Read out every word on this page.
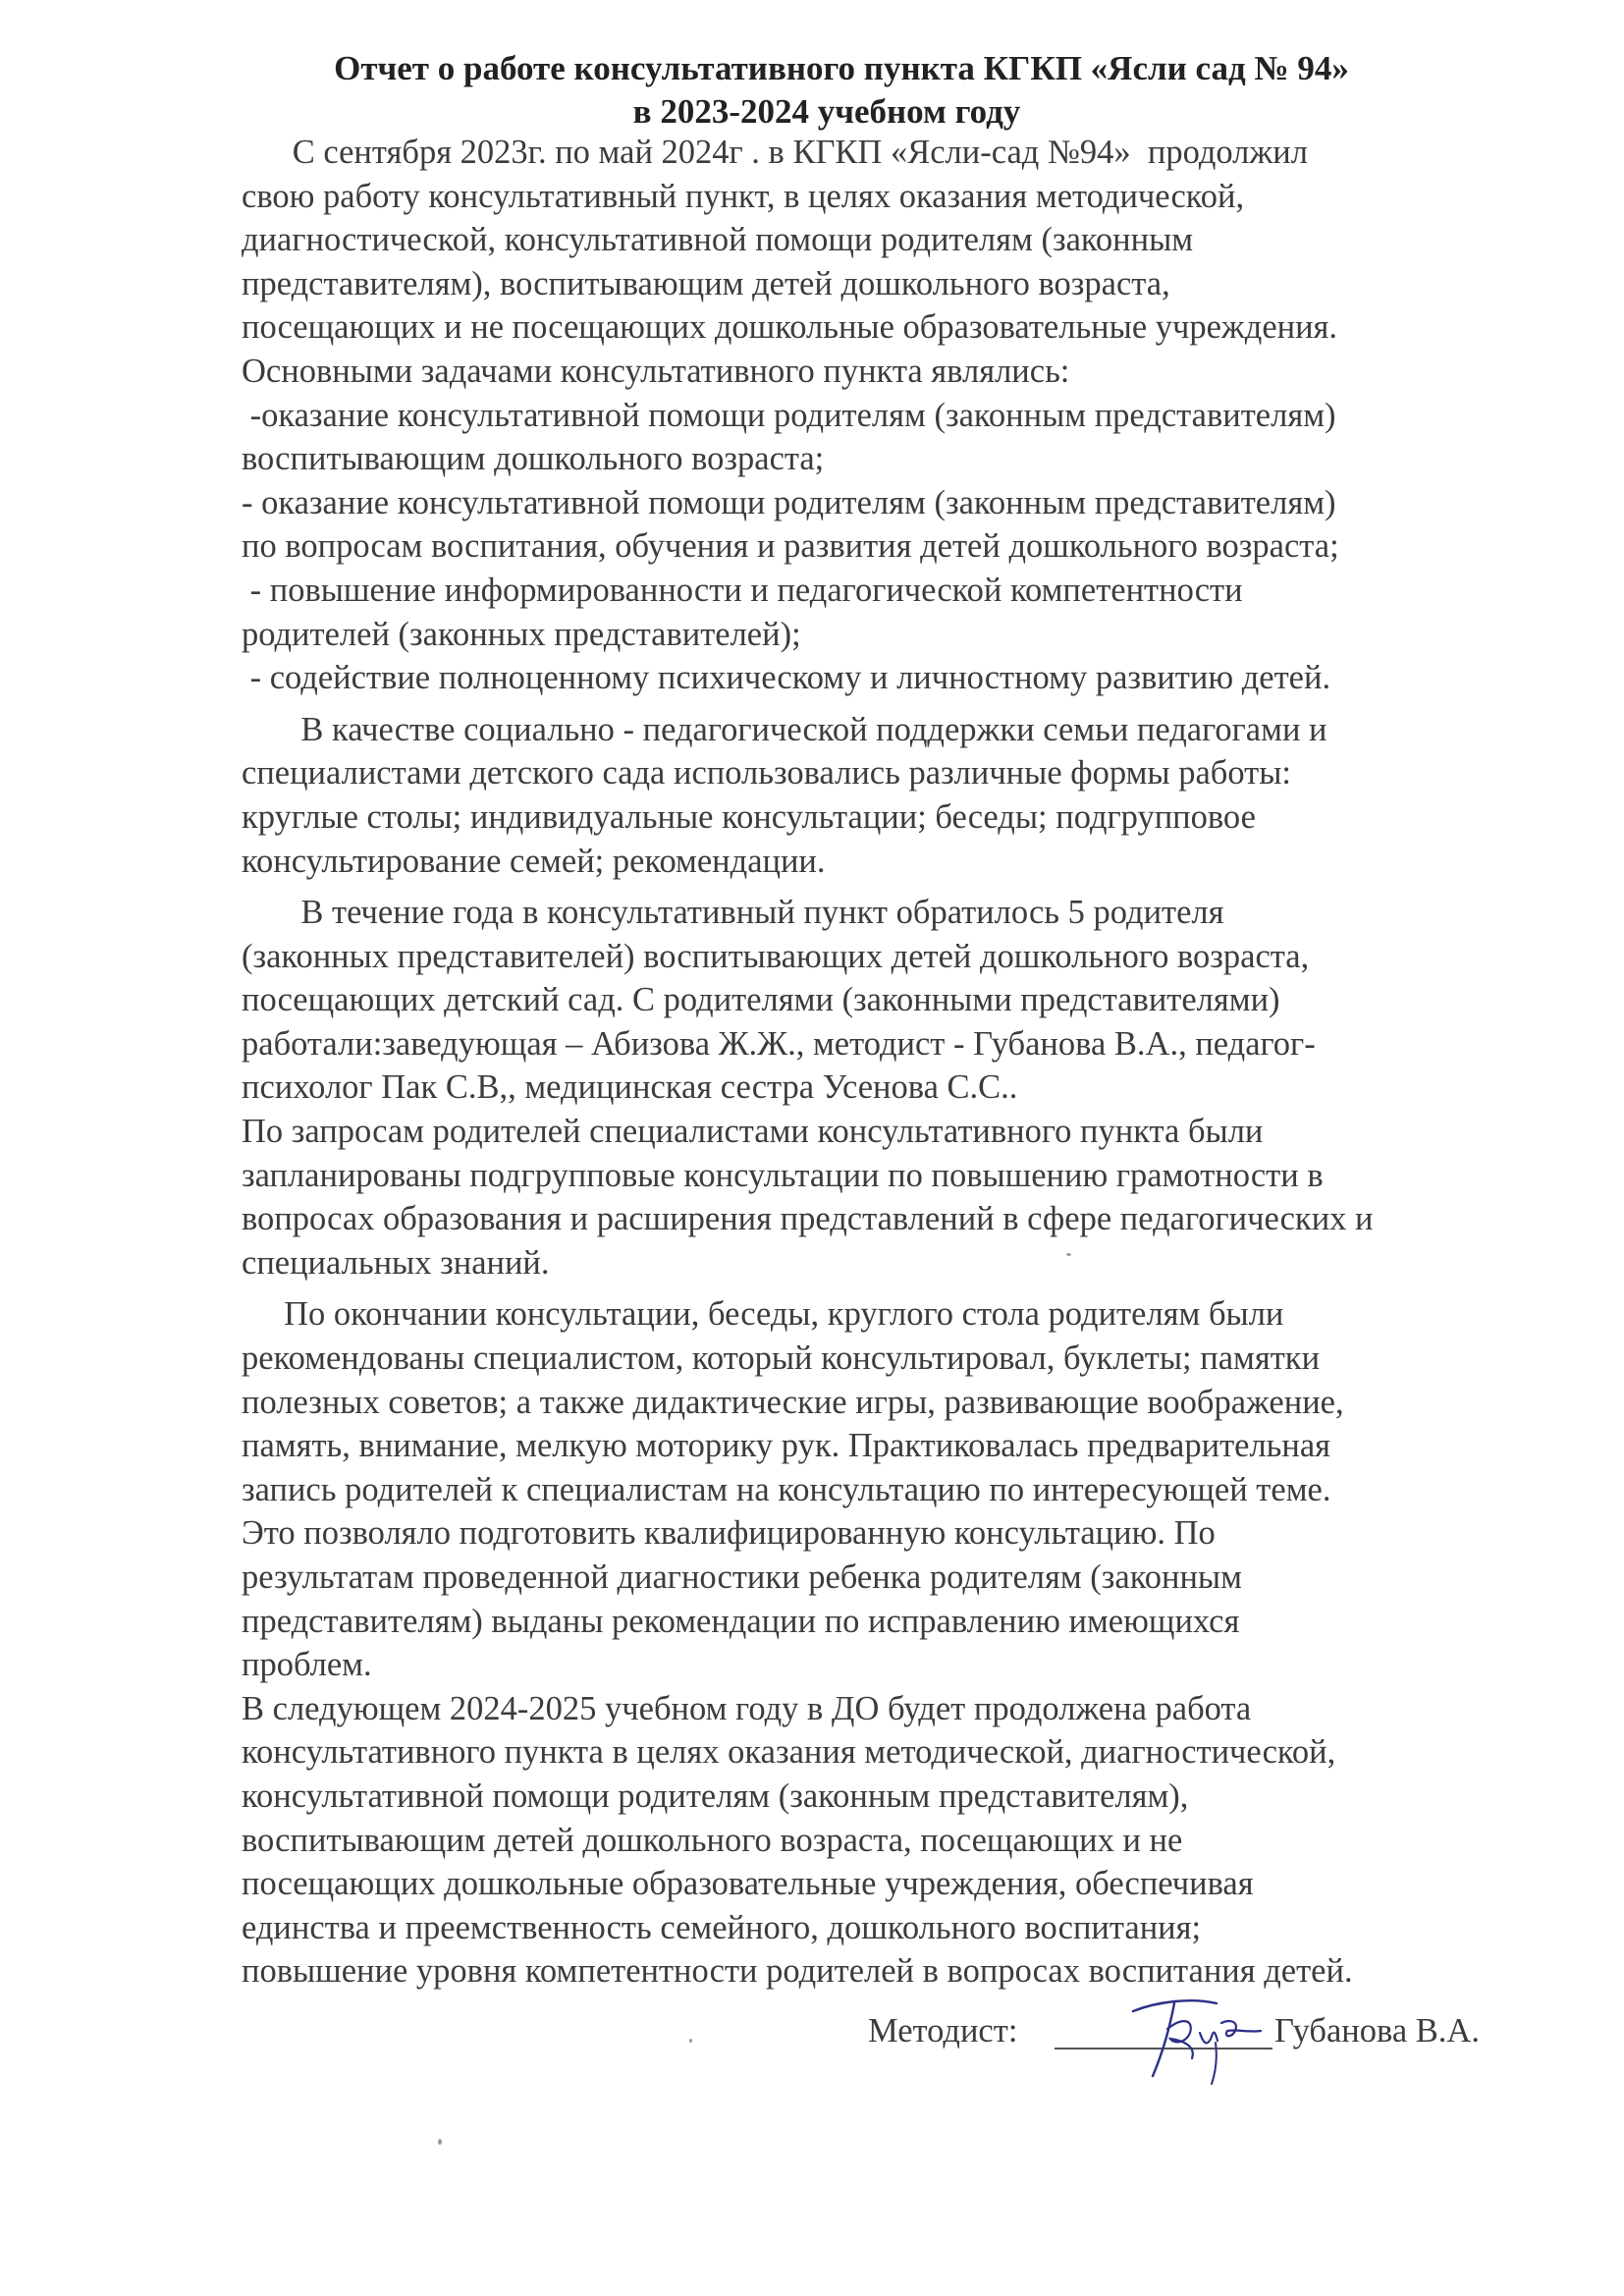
Отчет о работе консультативного пункта КГКП «Ясли сад № 94»
в 2023-2024 учебном году
С сентября 2023г. по май 2024г . в КГКП «Ясли-сад №94»  продолжил
свою работу консультативный пункт, в целях оказания методической,
диагностической, консультативной помощи родителям (законным
представителям), воспитывающим детей дошкольного возраста,
посещающих и не посещающих дошкольные образовательные учреждения.
Основными задачами консультативного пункта являлись:
-оказание консультативной помощи родителям (законным представителям)
воспитывающим дошкольного возраста;
- оказание консультативной помощи родителям (законным представителям)
по вопросам воспитания, обучения и развития детей дошкольного возраста;
- повышение информированности и педагогической компетентности
родителей (законных представителей);
- содействие полноценному психическому и личностному развитию детей.
В качестве социально - педагогической поддержки семьи педагогами и
специалистами детского сада использовались различные формы работы:
круглые столы; индивидуальные консультации; беседы; подгрупповое
консультирование семей; рекомендации.
В течение года в консультативный пункт обратилось 5 родителя
(законных представителей) воспитывающих детей дошкольного возраста,
посещающих детский сад. С родителями (законными представителями)
работали:заведующая – Абизова Ж.Ж., методист - Губанова В.А., педагог-
психолог Пак С.В,, медицинская сестра Усенова С.С..
По запросам родителей специалистами консультативного пункта были
запланированы подгрупповые консультации по повышению грамотности в
вопросах образования и расширения представлений в сфере педагогических и
специальных знаний.
По окончании консультации, беседы, круглого стола родителям были
рекомендованы специалистом, который консультировал, буклеты; памятки
полезных советов; а также дидактические игры, развивающие воображение,
память, внимание, мелкую моторику рук. Практиковалась предварительная
запись родителей к специалистам на консультацию по интересующей теме.
Это позволяло подготовить квалифицированную консультацию. По
результатам проведенной диагностики ребенка родителям (законным
представителям) выданы рекомендации по исправлению имеющихся
проблем.
В следующем 2024-2025 учебном году в ДО будет продолжена работа
консультативного пункта в целях оказания методической, диагностической,
консультативной помощи родителям (законным представителям),
воспитывающим детей дошкольного возраста, посещающих и не
посещающих дошкольные образовательные учреждения, обеспечивая
единства и преемственность семейного, дошкольного воспитания;
повышение уровня компетентности родителей в вопросах воспитания детей.
Методист:	Губанова В.А.
